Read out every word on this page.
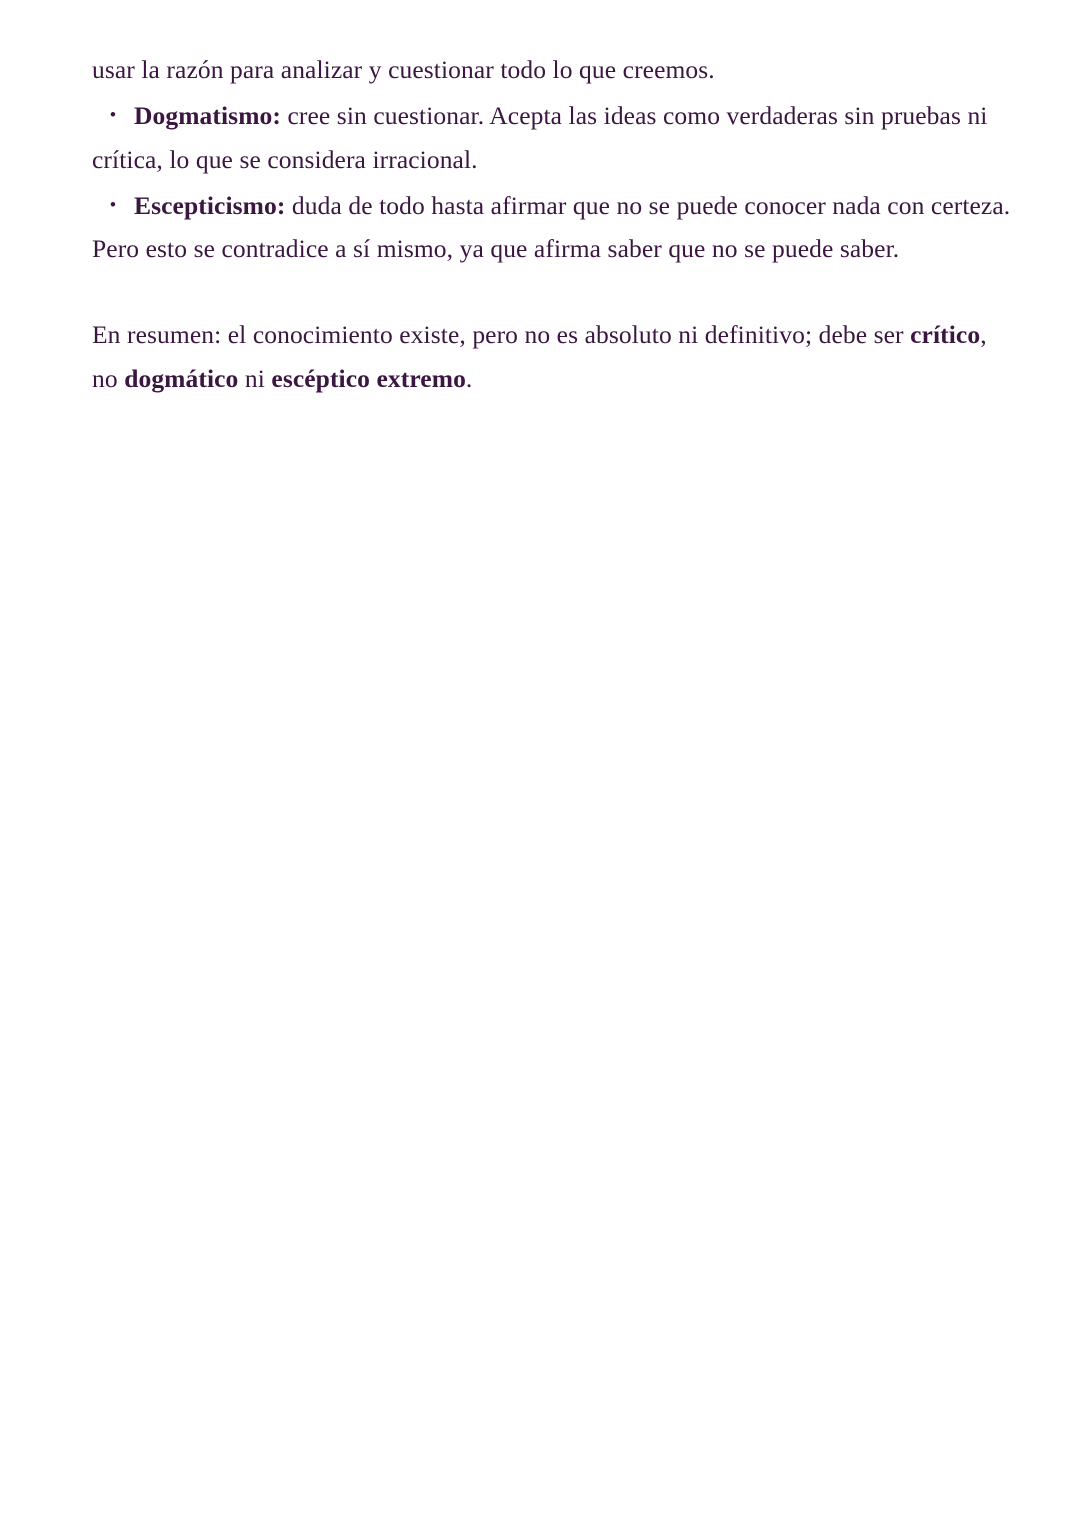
usar la razón para analizar y cuestionar todo lo que creemos.

• Dogmatismo: cree sin cuestionar. Acepta las ideas como verdaderas sin pruebas ni crítica, lo que se considera irracional.
• Escepticismo: duda de todo hasta afirmar que no se puede conocer nada con certeza. Pero esto se contradice a sí mismo, ya que afirma saber que no se puede saber.

En resumen: el conocimiento existe, pero no es absoluto ni definitivo; debe ser crítico, no dogmático ni escéptico extremo.
